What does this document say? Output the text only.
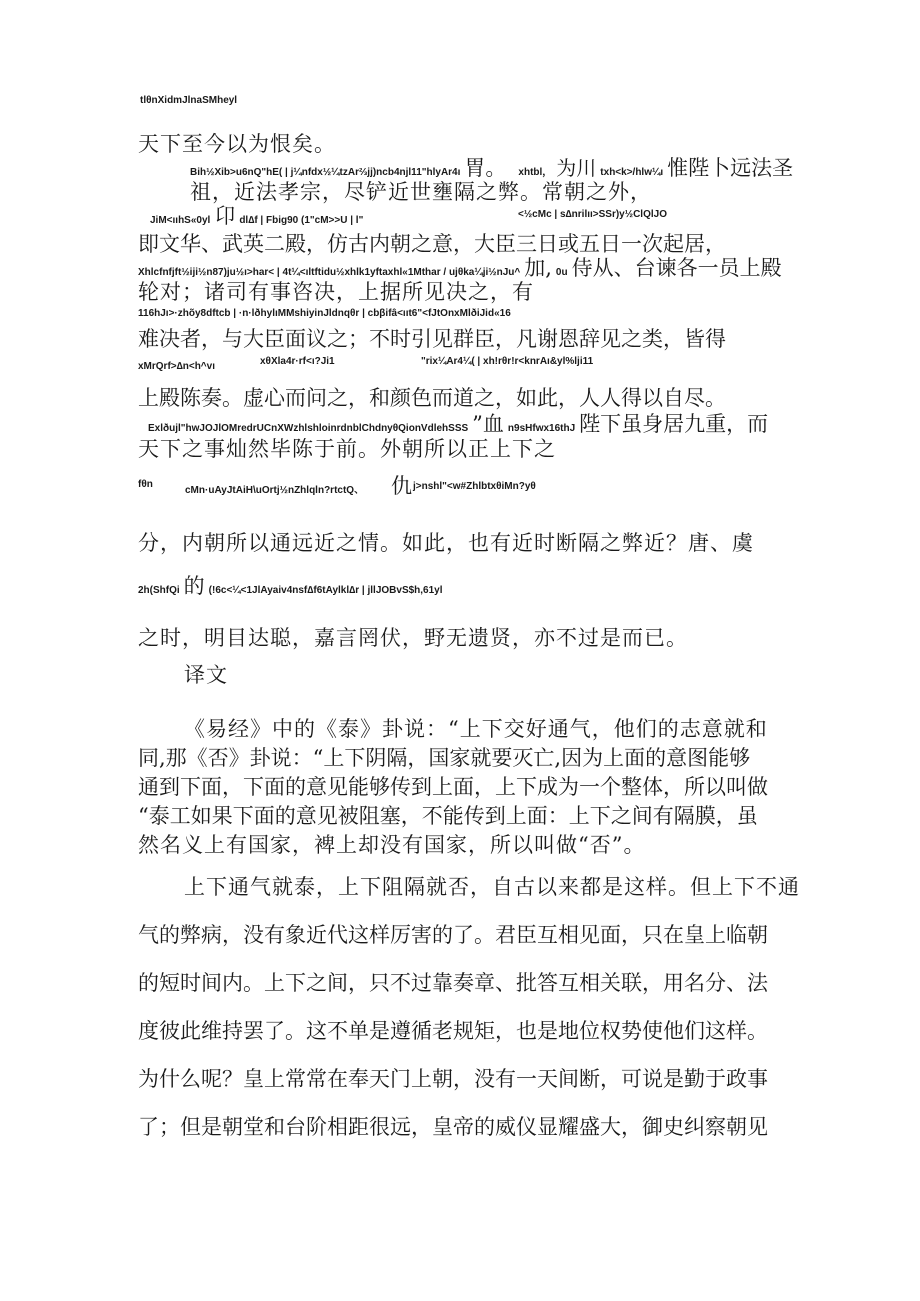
tlθnXidmJlnaSMheyl
天下至今以为恨矣。
Bih½Xib>u6nQ"hE( | j¼nfdx½¼tzAr⅔jj)ncb4njl11"hlyAr4ı 胃。 xhtbl， 为川 txh<k>/hlw¼ı 惟陛卜远法圣
祖，近法孝宗，尽铲近世壅隔之弊。常朝之外，
JiM<ııhS«0yl 卬 dl∆f | Fbig90 (1"cM>>U | l"
<½cMc | s∆nrilıı>SSr)y½ClQlJO
即文华、武英二殿，仿古内朝之意，大臣三日或五日一次起居，
Xhlcfnfjft½iji½n87)ju½ı>har< | 4t¼<ıltftidu½xhlk1yftaxhl«1Mthar / ujθka¼ji½nJu^ 加, 0u 侍从、台谏各一员上殿
轮对；诸司有事咨决，上据所见决之，有
116hJı>·zhõy8dftcb | ·n·lðhylıMMshiyinJldnqθr | cbβifâ<ııt6"<fJtOnxMlðiJid«16
难决者，与大臣面议之；不时引见群臣，凡谢恩辞见之类，皆得
xMrQrf>∆n<h^vı	xθXla4r·rf<ı?Ji1	"rix¼Ar4¼( | xh!rθr!r<knrAı&yl%lji11
上殿陈奏。虚心而问之，和颜色而道之，如此，人人得以自尽。
Exlðujl"hwJOJlOMredrUCnXWzhlshloinrdnblChdnyθQionVdlehSSS ”血 n9sHfwx16thJ 陛下虽身居九重，而
天下之事灿然毕陈于前。外朝所以正上下之
fθn
cMn·uAyJtAiH\uOrtj½nZhlqln?rtctQ、 仇 j>nshl"<w#ZhlbtxθiMn?yθ
分，内朝所以通远近之情。如此，也有近时断隔之弊近？唐、虞
2h(ShfQi 的 (!6c<¼<1JlAyaiv4nsf∆f6tAylkl∆r | jllJOBvS$h,61yl
之时，明目达聪，嘉言罔伏，野无遗贤，亦不过是而已。
译文
《易经》中的《泰》卦说：“上下交好通气，他们的志意就和
同,那《否》卦说：“上下阴隔，国家就要灭亡,因为上面的意图能够
通到下面，下面的意见能够传到上面，上下成为一个整体，所以叫做
“泰工如果下面的意见被阻塞，不能传到上面：上下之间有隔膜，虽
然名义上有国家，裨上却没有国家，所以叫做“否”。
上下通气就泰，上下阻隔就否，自古以来都是这样。但上下不通
气的弊病，没有象近代这样厉害的了。君臣互相见面，只在皇上临朝
的短时间内。上下之间，只不过靠奏章、批答互相关联，用名分、法
度彼此维持罢了。这不单是遵循老规矩，也是地位权势使他们这样。
为什么呢？皇上常常在奉天门上朝，没有一天间断，可说是勤于政事
了；但是朝堂和台阶相距很远，皇帝的威仪显耀盛大，御史纠察朝见
